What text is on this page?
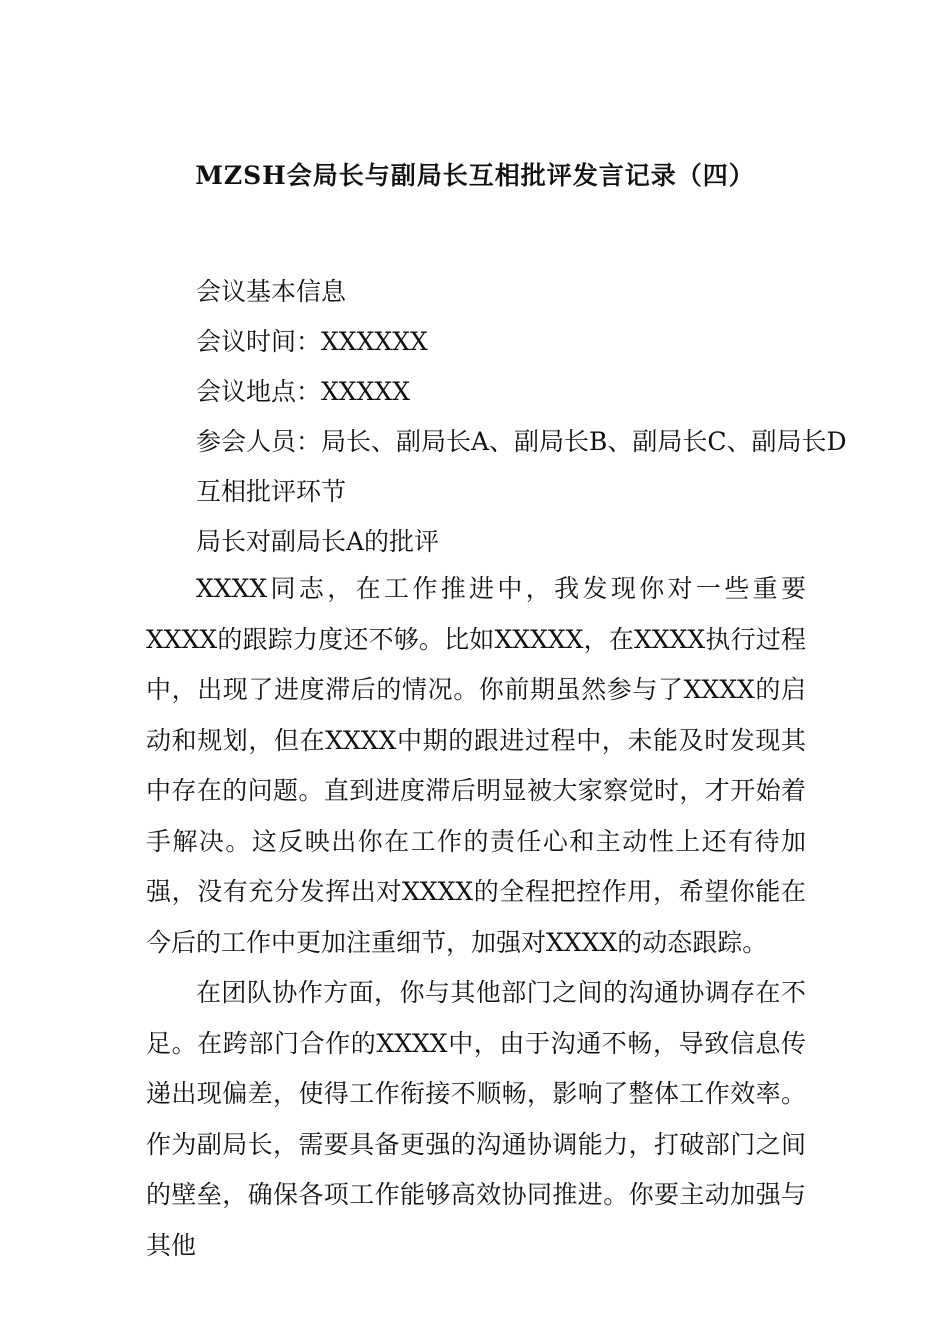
MZSH会局长与副局长互相批评发言记录（四）
会议基本信息
会议时间：XXXXXX
会议地点：XXXXX
参会人员：局长、副局长A、副局长B、副局长C、副局长D
互相批评环节
局长对副局长A的批评

XXXX同志，在工作推进中，我发现你对一些重要XXXX的跟踪力度还不够。比如XXXXX，在XXXX执行过程中，出现了进度滞后的情况。你前期虽然参与了XXXX的启动和规划，但在XXXX中期的跟进过程中，未能及时发现其中存在的问题。直到进度滞后明显被大家察觉时，才开始着手解决。这反映出你在工作的责任心和主动性上还有待加强，没有充分发挥出对XXXX的全程把控作用，希望你能在今后的工作中更加注重细节，加强对XXXX的动态跟踪。

在团队协作方面，你与其他部门之间的沟通协调存在不足。在跨部门合作的XXXX中，由于沟通不畅，导致信息传递出现偏差，使得工作衔接不顺畅，影响了整体工作效率。作为副局长，需要具备更强的沟通协调能力，打破部门之间的壁垒，确保各项工作能够高效协同推进。你要主动加强与其他
